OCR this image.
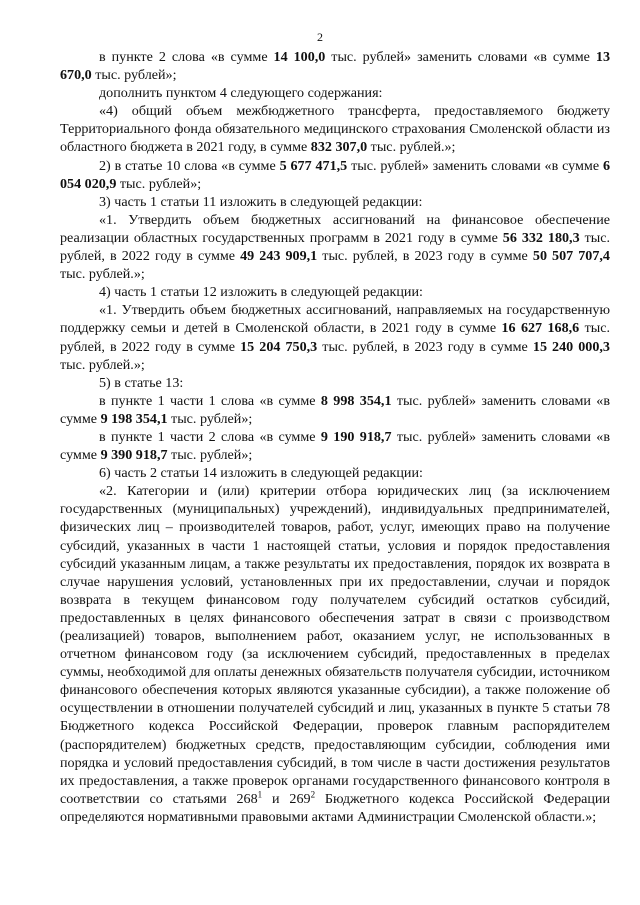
2

в пункте 2 слова «в сумме 14 100,0 тыс. рублей» заменить словами «в сумме 13 670,0 тыс. рублей»;

дополнить пунктом 4 следующего содержания:

«4) общий объем межбюджетного трансферта, предоставляемого бюджету Территориального фонда обязательного медицинского страхования Смоленской области из областного бюджета в 2021 году, в сумме 832 307,0 тыс. рублей.»;

2) в статье 10 слова «в сумме 5 677 471,5 тыс. рублей» заменить словами «в сумме 6 054 020,9 тыс. рублей»;

3) часть 1 статьи 11 изложить в следующей редакции:

«1. Утвердить объем бюджетных ассигнований на финансовое обеспечение реализации областных государственных программ в 2021 году в сумме 56 332 180,3 тыс. рублей, в 2022 году в сумме 49 243 909,1 тыс. рублей, в 2023 году в сумме 50 507 707,4 тыс. рублей.»;

4) часть 1 статьи 12 изложить в следующей редакции:

«1. Утвердить объем бюджетных ассигнований, направляемых на государственную поддержку семьи и детей в Смоленской области, в 2021 году в сумме 16 627 168,6 тыс. рублей, в 2022 году в сумме 15 204 750,3 тыс. рублей, в 2023 году в сумме 15 240 000,3 тыс. рублей.»;

5) в статье 13:

в пункте 1 части 1 слова «в сумме 8 998 354,1 тыс. рублей» заменить словами «в сумме 9 198 354,1 тыс. рублей»;

в пункте 1 части 2 слова «в сумме 9 190 918,7 тыс. рублей» заменить словами «в сумме 9 390 918,7 тыс. рублей»;

6) часть 2 статьи 14 изложить в следующей редакции:

«2. Категории и (или) критерии отбора юридических лиц (за исключением государственных (муниципальных) учреждений), индивидуальных предпринимателей, физических лиц – производителей товаров, работ, услуг, имеющих право на получение субсидий, указанных в части 1 настоящей статьи, условия и порядок предоставления субсидий указанным лицам, а также результаты их предоставления, порядок их возврата в случае нарушения условий, установленных при их предоставлении, случаи и порядок возврата в текущем финансовом году получателем субсидий остатков субсидий, предоставленных в целях финансового обеспечения затрат в связи с производством (реализацией) товаров, выполнением работ, оказанием услуг, не использованных в отчетном финансовом году (за исключением субсидий, предоставленных в пределах суммы, необходимой для оплаты денежных обязательств получателя субсидии, источником финансового обеспечения которых являются указанные субсидии), а также положение об осуществлении в отношении получателей субсидий и лиц, указанных в пункте 5 статьи 78 Бюджетного кодекса Российской Федерации, проверок главным распорядителем (распорядителем) бюджетных средств, предоставляющим субсидии, соблюдения ими порядка и условий предоставления субсидий, в том числе в части достижения результатов их предоставления, а также проверок органами государственного финансового контроля в соответствии со статьями $268^1$ и $269^2$ Бюджетного кодекса Российской Федерации определяются нормативными правовыми актами Администрации Смоленской области.»;
